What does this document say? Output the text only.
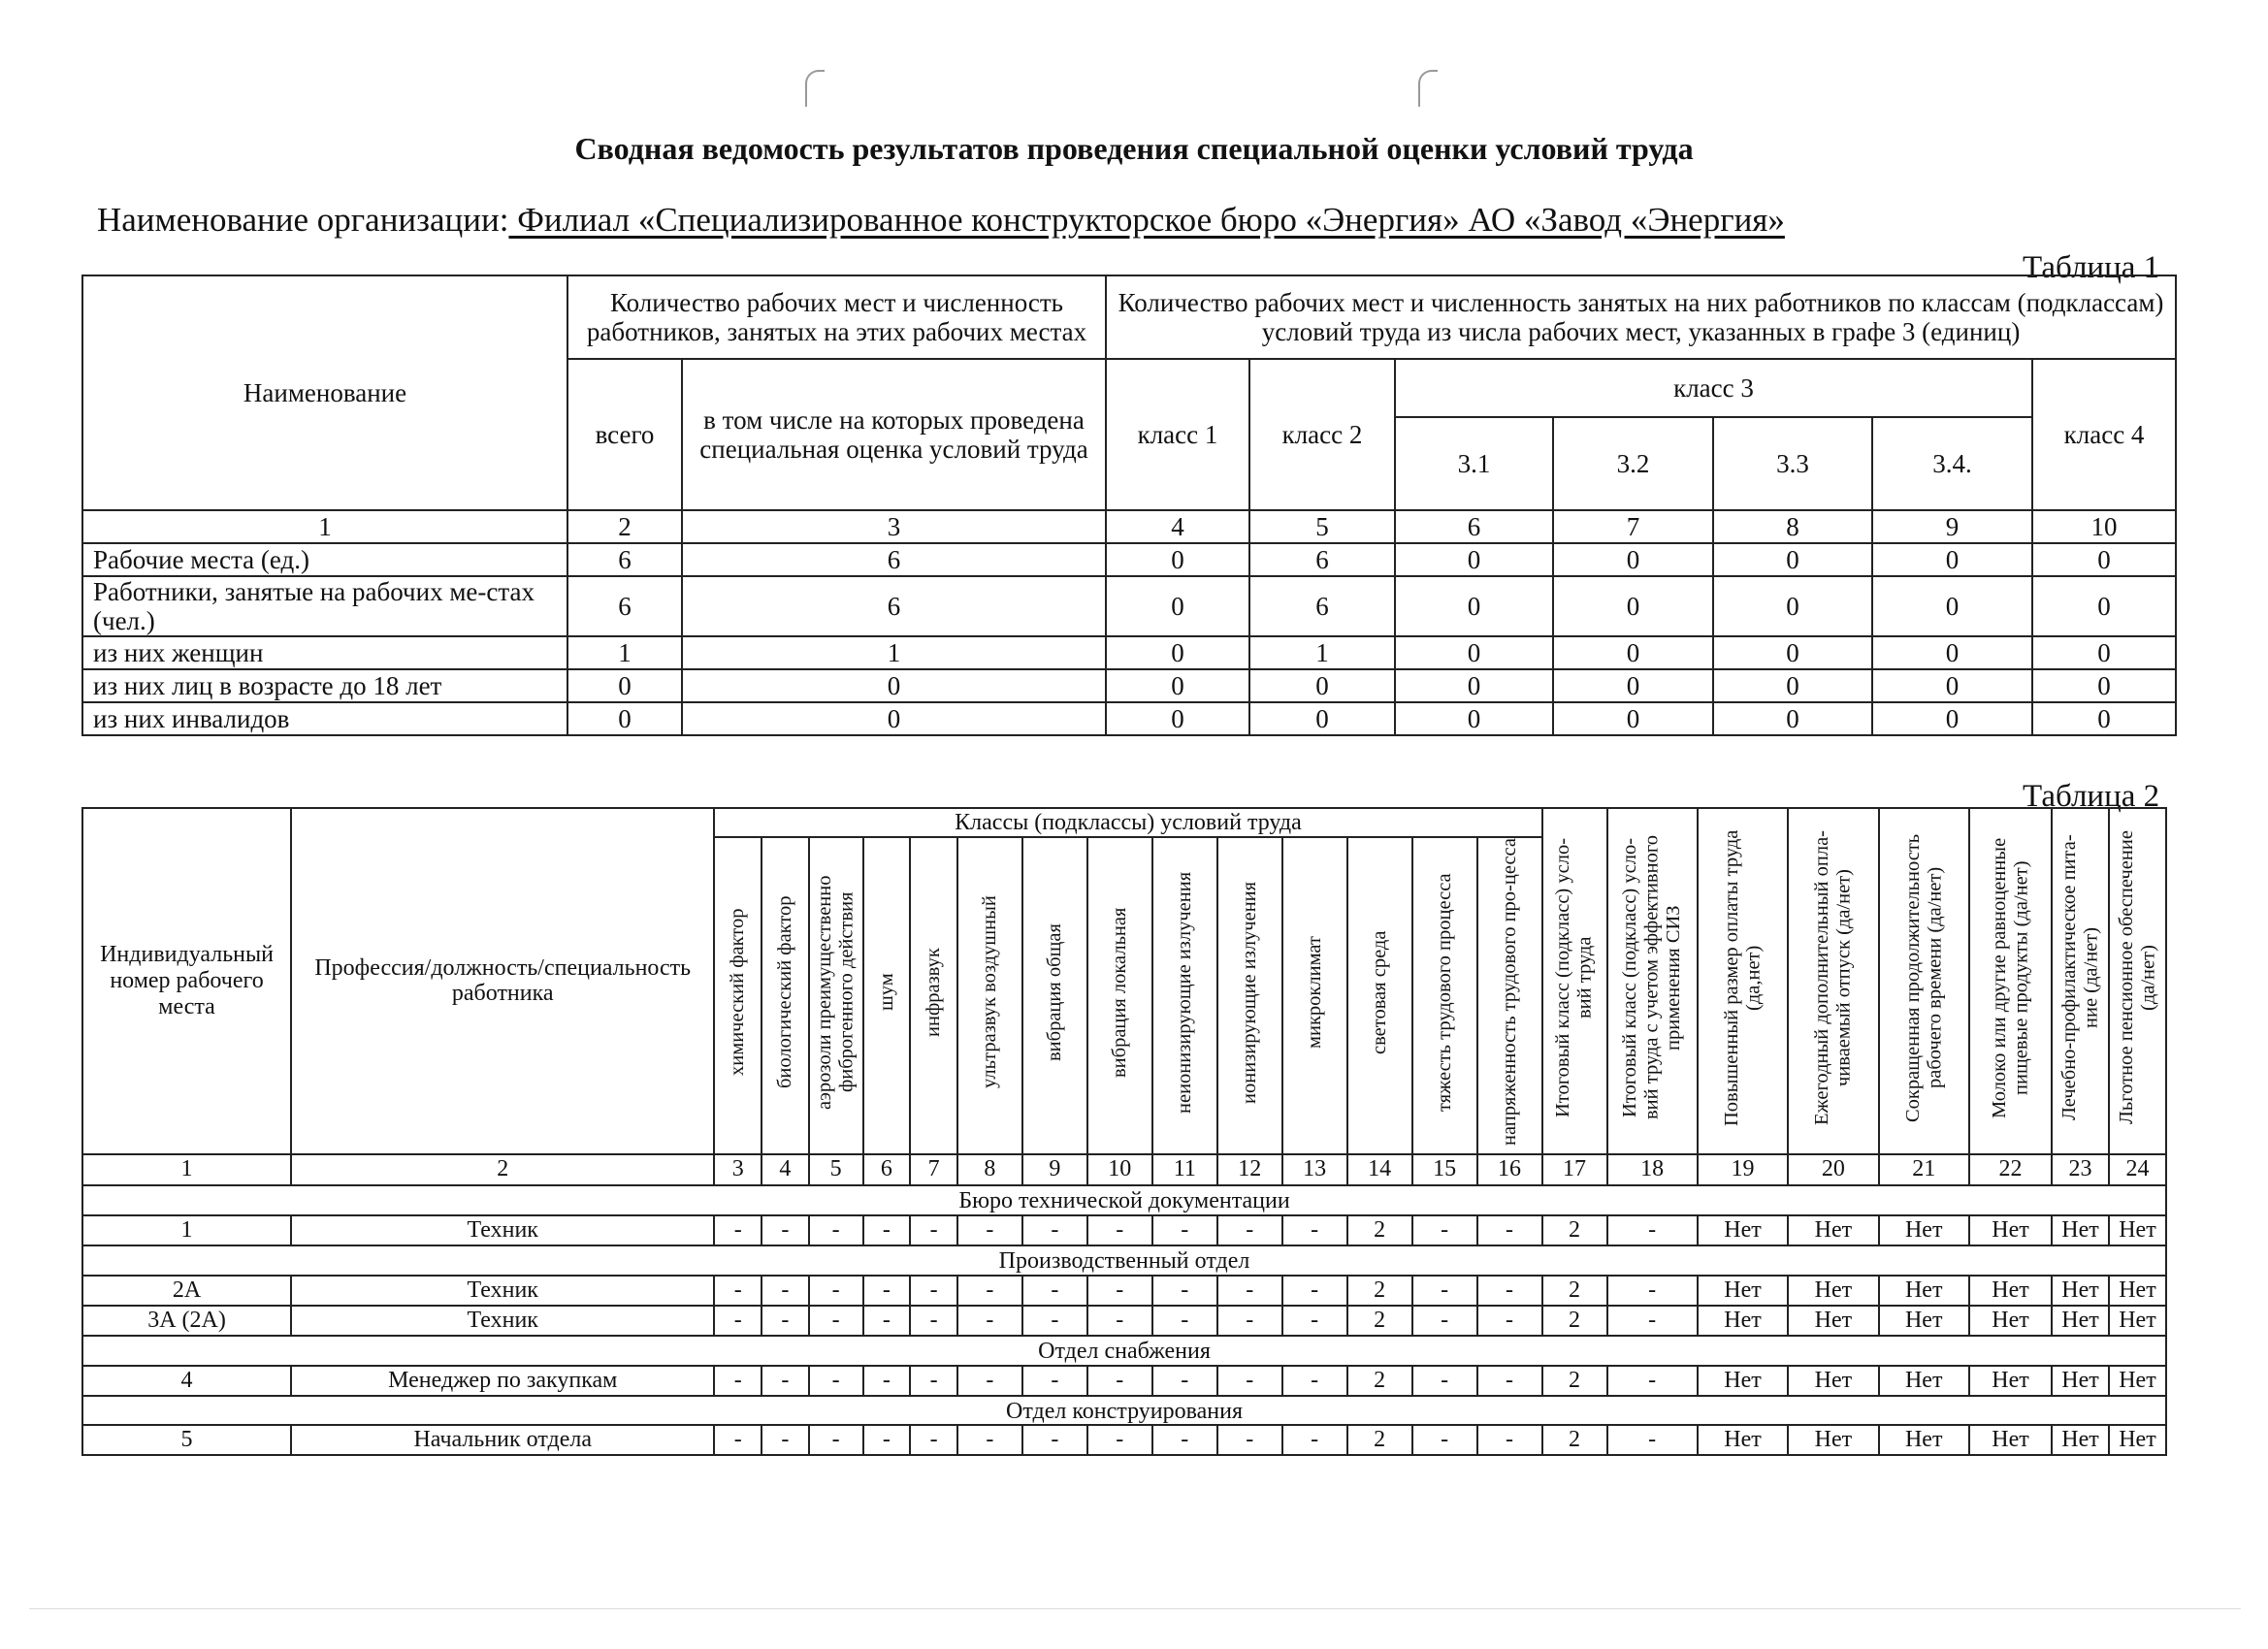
Сводная ведомость результатов проведения специальной оценки условий труда
Наименование организации: Филиал «Специализированное конструкторское бюро «Энергия» АО «Завод «Энергия»
Таблица 1
Наименование	Количество рабочих мест и численность работников, занятых на этих рабочих местах		Количество рабочих мест и численность занятых на них работников по классам (подклассам) условий труда из числа рабочих мест, указанных в графе 3 (единиц)						
	всего	в том числе на которых проведена специальная оценка условий труда	класс 1	класс 2	класс 3				класс 4
					3.1	3.2	3.3	3.4.	
1	2	3	4	5	6	7	8	9	10
Рабочие места (ед.)	6	6	0	6	0	0	0	0	0
Работники, занятые на рабочих ме-стах (чел.)	6	6	0	6	0	0	0	0	0
из них женщин	1	1	0	1	0	0	0	0	0
из них лиц в возрасте до 18 лет	0	0	0	0	0	0	0	0	0
из них инвалидов	0	0	0	0	0	0	0	0	0
Таблица 2
Индивидуальный номер рабочего места	Профессия/должность/специальность работника	Классы (подклассы) условий труда														Итоговый класс (подкласс) усло-вий труда	Итоговый класс (подкласс) усло-вий труда с учетом эффективного применения СИЗ	Повышенный размер оплаты труда (да,нет)	Ежегодный дополнительный опла-чиваемый отпуск (да/нет)	Сокращенная продолжительность рабочего времени (да/нет)	Молоко или другие равноценные пищевые продукты (да/нет)	Лечебно-профилактическое пита-ние (да/нет)	Льготное пенсионное обеспечение (да/нет)
		химический фактор	биологический фактор	аэрозоли преимущественно фиброгенного действия	шум	инфразвук	ультразвук воздушный	вибрация общая	вибрация локальная	неионизирующие излучения	ионизирующие излучения	микроклимат	световая среда	тяжесть трудового процесса	напряженность трудового про-цесса								
1	2	3	4	5	6	7	8	9	10	11	12	13	14	15	16	17	18	19	20	21	22	23	24
Бюро технической документации																							
1	Техник	-	-	-	-	-	-	-	-	-	-	-	2	-	-	2	-	Нет	Нет	Нет	Нет	Нет	Нет
Производственный отдел																							
2А	Техник	-	-	-	-	-	-	-	-	-	-	-	2	-	-	2	-	Нет	Нет	Нет	Нет	Нет	Нет
3А (2А)	Техник	-	-	-	-	-	-	-	-	-	-	-	2	-	-	2	-	Нет	Нет	Нет	Нет	Нет	Нет
Отдел снабжения																							
4	Менеджер по закупкам	-	-	-	-	-	-	-	-	-	-	-	2	-	-	2	-	Нет	Нет	Нет	Нет	Нет	Нет
Отдел конструирования																							
5	Начальник отдела	-	-	-	-	-	-	-	-	-	-	-	2	-	-	2	-	Нет	Нет	Нет	Нет	Нет	Нет
